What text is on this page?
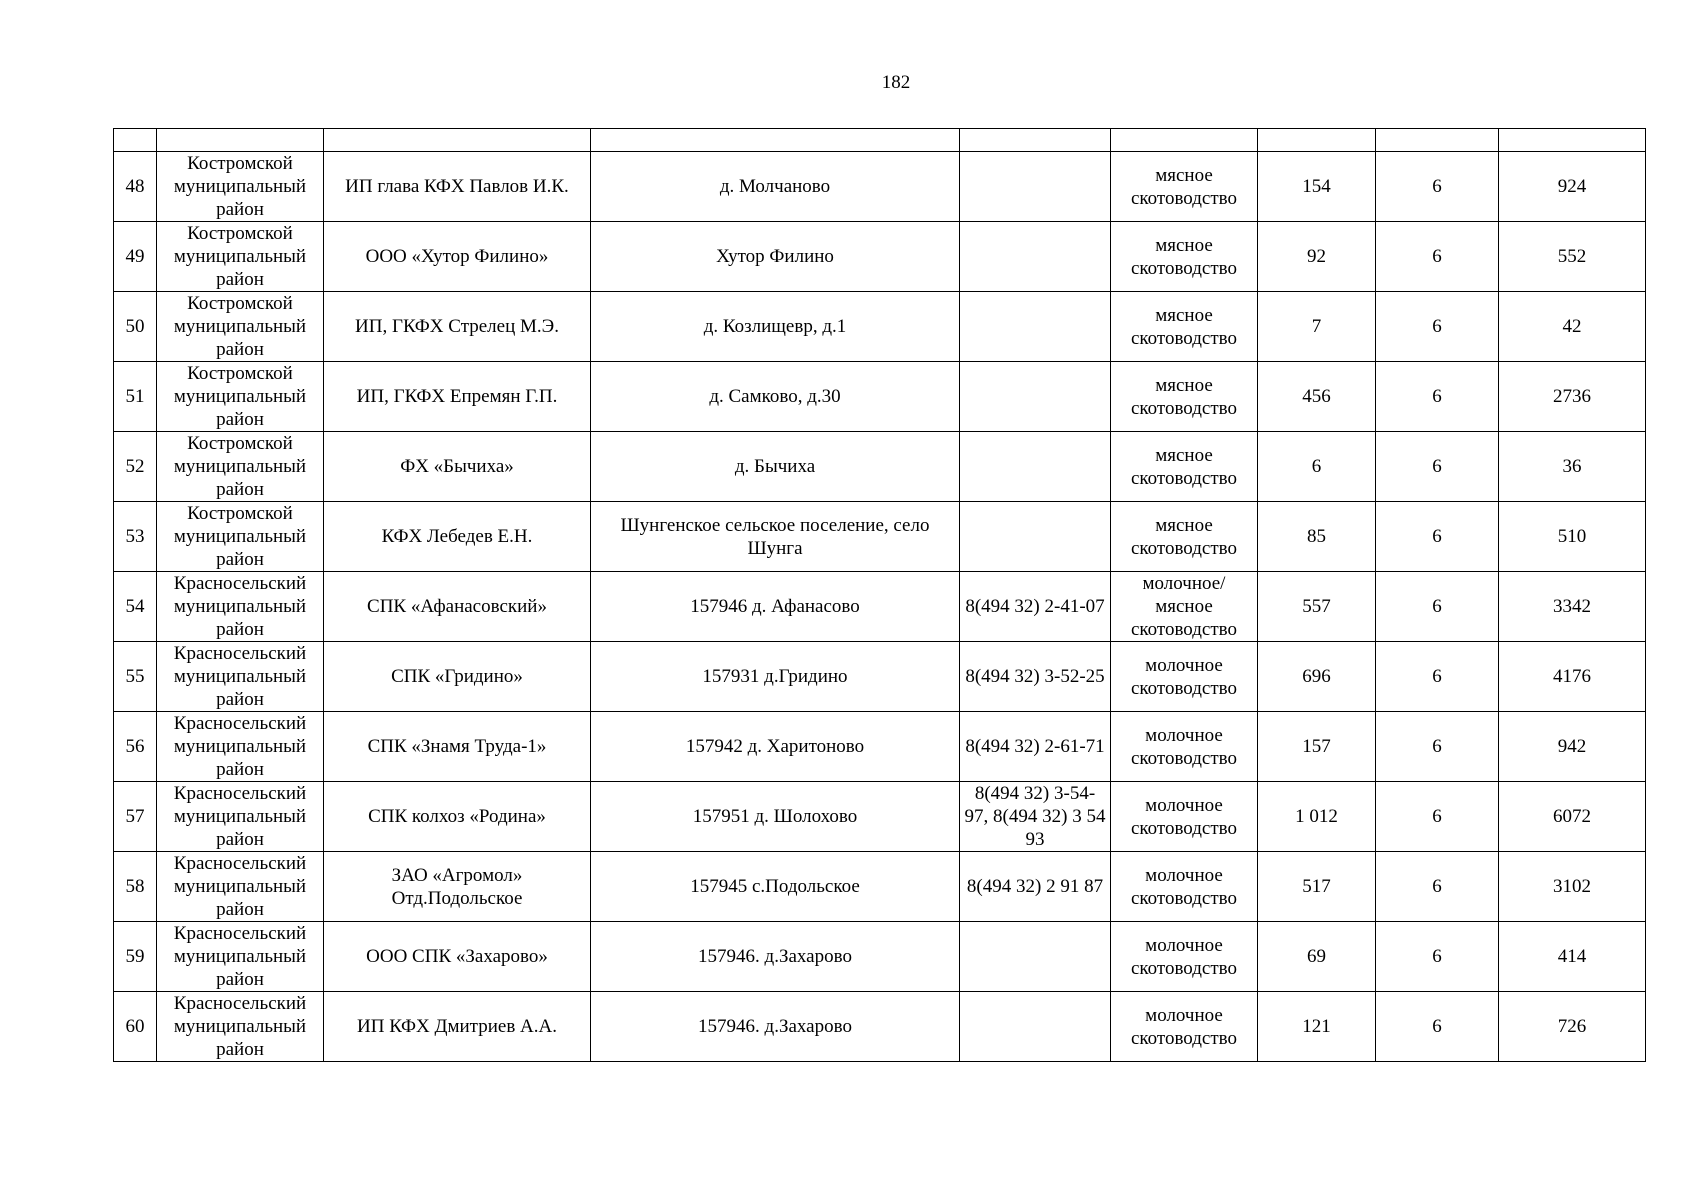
182

48	Костромской муниципальный район	ИП глава КФХ Павлов И.К.	д. Молчаново		мясное скотоводство	154	6	924
49	Костромской муниципальный район	ООО «Хутор Филино»	Хутор Филино		мясное скотоводство	92	6	552
50	Костромской муниципальный район	ИП, ГКФХ Стрелец М.Э.	д. Козлищевр, д.1		мясное скотоводство	7	6	42
51	Костромской муниципальный район	ИП, ГКФХ Епремян Г.П.	д. Самково, д.30		мясное скотоводство	456	6	2736
52	Костромской муниципальный район	ФХ «Бычиха»	д. Бычиха		мясное скотоводство	6	6	36
53	Костромской муниципальный район	КФХ Лебедев Е.Н.	Шунгенское сельское поселение, село Шунга		мясное скотоводство	85	6	510
54	Красносельский муниципальный район	СПК «Афанасовский»	157946 д. Афанасово	8(494 32) 2-41-07	молочное/ мясное скотоводство	557	6	3342
55	Красносельский муниципальный район	СПК «Гридино»	157931 д.Гридино	8(494 32) 3-52-25	молочное скотоводство	696	6	4176
56	Красносельский муниципальный район	СПК «Знамя Труда-1»	157942 д. Харитоново	8(494 32) 2-61-71	молочное скотоводство	157	6	942
57	Красносельский муниципальный район	СПК колхоз «Родина»	157951 д. Шолохово	8(494 32) 3-54-97, 8(494 32) 3 54 93	молочное скотоводство	1 012	6	6072
58	Красносельский муниципальный район	ЗАО «Агромол» Отд.Подольское	157945 с.Подольское	8(494 32) 2 91 87	молочное скотоводство	517	6	3102
59	Красносельский муниципальный район	ООО СПК «Захарово»	157946. д.Захарово		молочное скотоводство	69	6	414
60	Красносельский муниципальный район	ИП КФХ Дмитриев А.А.	157946. д.Захарово		молочное скотоводство	121	6	726
